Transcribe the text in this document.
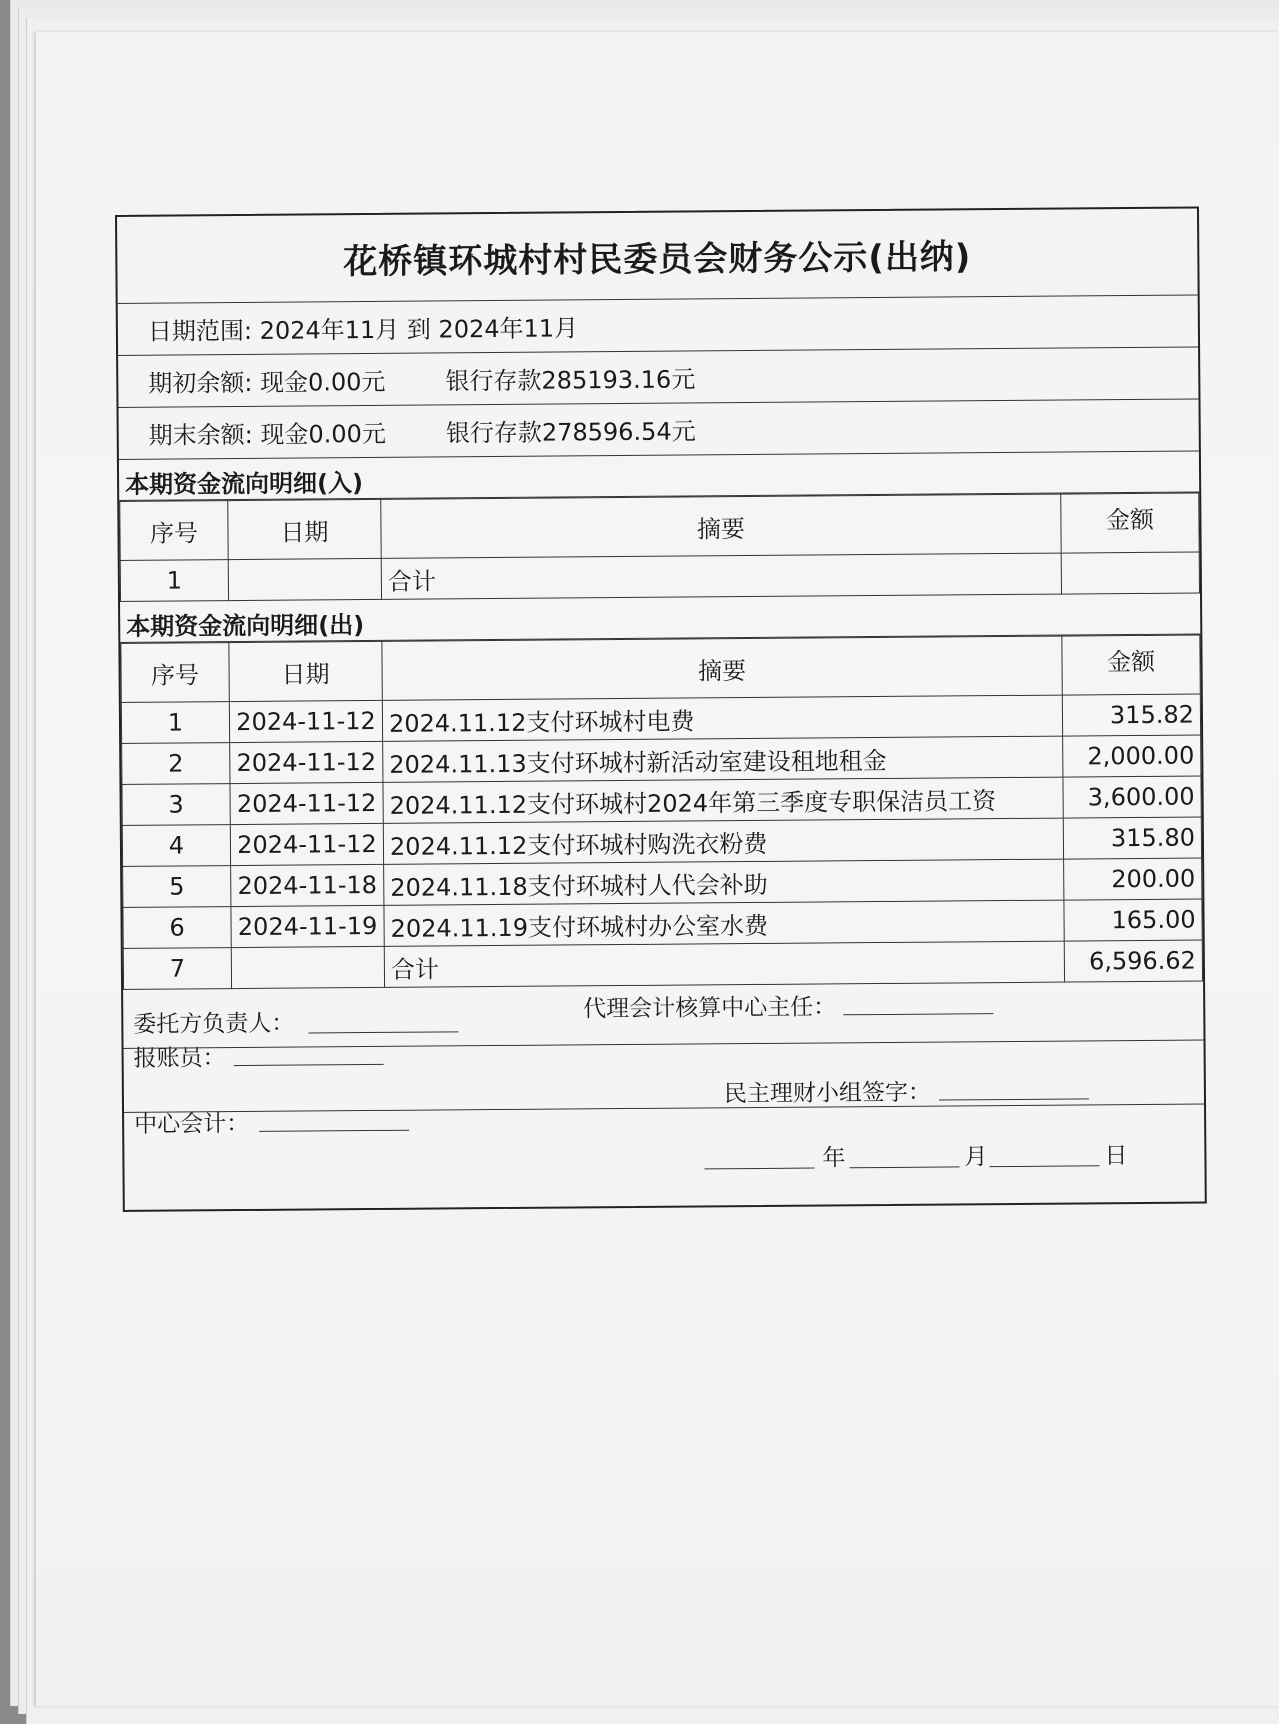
花桥镇环城村村民委员会财务公示(出纳)
日期范围: 2024年11月 到 2024年11月
期初余额: 现金0.00元 银行存款285193.16元
期末余额: 现金0.00元 银行存款278596.54元
本期资金流向明细(入)
序号	日期	摘要	金额
1		合计	
本期资金流向明细(出)
序号	日期	摘要	金额
1	2024-11-12	2024.11.12支付环城村电费	315.82
2	2024-11-12	2024.11.13支付环城村新活动室建设租地租金	2,000.00
3	2024-11-12	2024.11.12支付环城村2024年第三季度专职保洁员工资	3,600.00
4	2024-11-12	2024.11.12支付环城村购洗衣粉费	315.80
5	2024-11-18	2024.11.18支付环城村人代会补助	200.00
6	2024-11-19	2024.11.19支付环城村办公室水费	165.00
7		合计	6,596.62
委托方负责人：
代理会计核算中心主任：
报账员：
中心会计：
民主理财小组签字：
年	月	日
